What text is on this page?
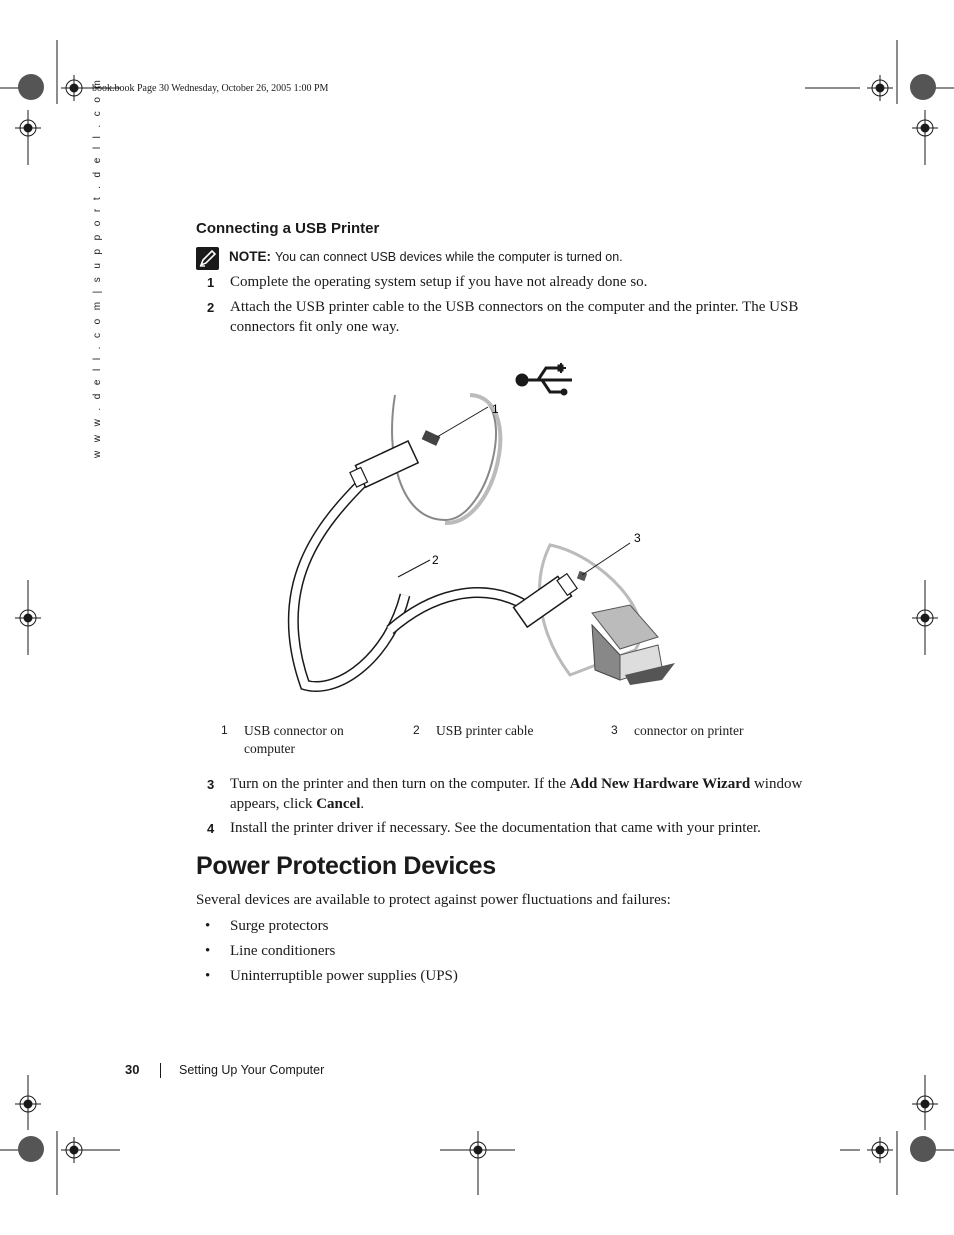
book.book Page 30 Wednesday, October 26, 2005 1:00 PM
w w w . d e l l . c o m | s u p p o r t . d e l l . c o m	Connecting a USB Printer
NOTE: You can connect USB devices while the computer is turned on.
1 Complete the operating system setup if you have not already done so.
2 Attach the USB printer cable to the USB connectors on the computer and the printer. The USB connectors fit only one way.
1
2
3
1 USB connector on computer
2 USB printer cable	3 connector on printer
3 Turn on the printer and then turn on the computer. If the Add New Hardware Wizard window appears, click Cancel.
4 Install the printer driver if necessary. See the documentation that came with your printer.
Power Protection Devices
Several devices are available to protect against power fluctuations and failures:
• Surge protectors
• Line conditioners
• Uninterruptible power supplies (UPS)
30	Setting Up Your Computer
